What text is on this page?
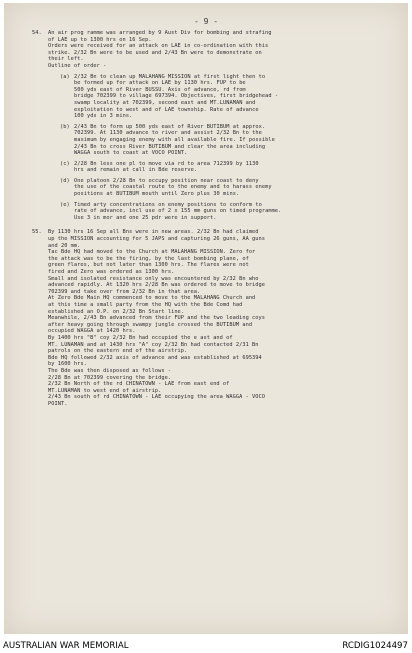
- 9 -
54. An air prog ramme was arranged by 9 Aust Div for bombing and strafing
of LAE up to 1300 hrs on 16 Sep.
Orders were received for an attack on LAE in co-ordination with this
strike. 2/32 Bn were to be used and 2/43 Bn were to demonstrate on
their left.
Outline of order -
(a) 2/32 Bn to clean up MALAHANG MISSION at first light then to
be formed up for attack on LAE by 1130 hrs. FUP to be
500 yds east of River BUSSU. Axis of advance, rd from
bridge 702399 to village 697394. Objectives, first bridgehead -
swamp locality at 702399, second east and MT.LUNAMAN and
exploitation to west and of LAE township. Rate of advance
100 yds in 3 mins.
(b) 2/43 Bn to form up 500 yds east of River BUTIBUM at approx.
702399. At 1130 advance to river and assist 2/32 Bn to the
maximum by engaging enemy with all available fire. If possible
2/43 Bn to cross River BUTIBUM and clear the area including
WAGGA south to coast at VOCO POINT.
(c) 2/28 Bn less one pl to move via rd to area 712399 by 1130
hrs and remain at call in Bde reserve.
(d) One platoon 2/28 Bn to occupy position near coast to deny
the use of the coastal route to the enemy and to harass enemy
positions at BUTIBUM mouth until Zero plus 30 mins.
(e) Timed arty concentrations on enemy positions to conform to
rate of advance, incl use of 2 x 155 mm guns on timed programme.
Use 3 in mor and one 25 pdr were in support.
55. By 1130 hrs 16 Sep all Bns were in new areas. 2/32 Bn had claimed
up the MISSION accounting for 5 JAPS and capturing 26 guns, AA guns
and 20 mm.
Tac Bde HQ had moved to the Church at MALAHANG MISSION. Zero for
the attack was to be the firing, by the last bombing plane, of
green flares, but not later than 1300 hrs. The flares were not
fired and Zero was ordered as 1300 hrs.
Small and isolated resistance only was encountered by 2/32 Bn who
advanced rapidly. At 1320 hrs 2/28 Bn was ordered to move to bridge
702399 and take over from 2/32 Bn in that area.
At Zero Bde Main HQ commenced to move to the MALAHANG Church and
at this time a small party from the HQ with the Bde Comd had
established an O.P. on 2/32 Bn Start line.
Meanwhile, 2/43 Bn advanced from their FUP and the two leading coys
after heavy going through swampy jungle crossed the BUTIBUM and
occupied WAGGA at 1420 hrs.
By 1400 hrs "B" coy 2/32 Bn had occupied the e ast and of
MT. LUNAMAN and at 1430 hrs "A" coy 2/32 Bn had contacted 2/31 Bn
patrols on the eastern end of the airstrip.
Bde HQ followed 2/32 axis of advance and was established at 695394
by 1600 hrs.
The Bde was then disposed as follows -
2/28 Bn at 702399 covering the bridge.
2/32 Bn North of the rd CHINATOWN - LAE from east end of
MT.LUNAMAN to west end of airstrip.
2/43 Bn south of rd CHINATOWN - LAE occupying the area WAGGA - VOCO
POINT.
AUSTRALIAN WAR MEMORIAL	RCDIG1024497
